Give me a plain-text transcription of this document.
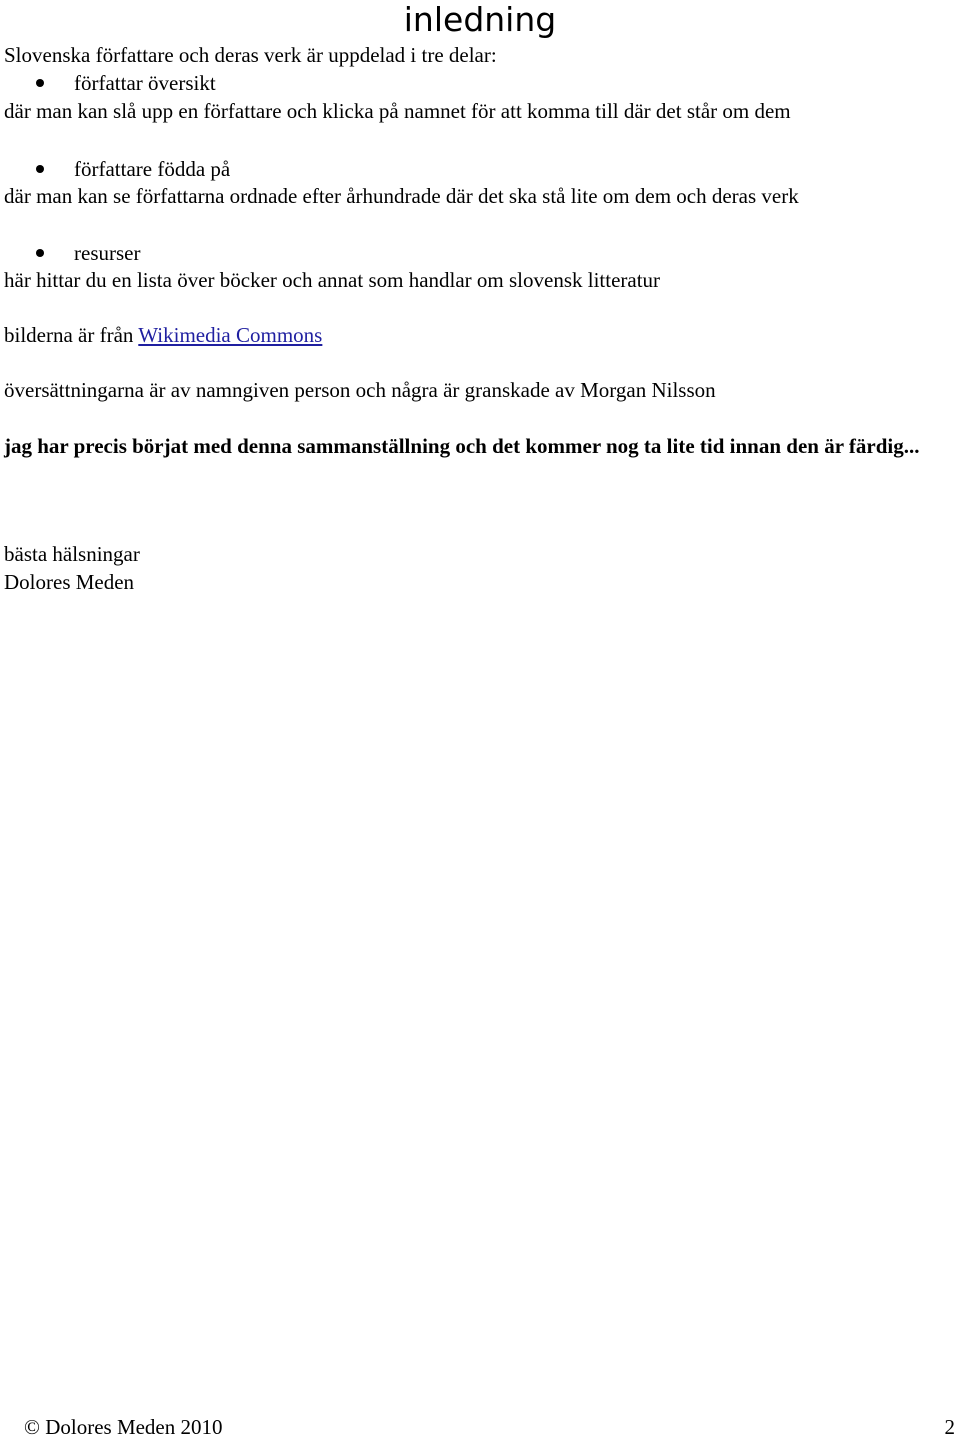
inledning
Slovenska författare och deras verk är uppdelad i tre delar:
författar översikt
där man kan slå upp en författare och klicka på namnet för att komma till där det står om dem
författare födda på
där man kan se författarna ordnade efter århundrade där det ska stå lite om dem och deras verk
resurser
här hittar du en lista över böcker och annat som handlar om slovensk litteratur
bilderna är från Wikimedia Commons
översättningarna är av namngiven person och några är granskade av Morgan Nilsson
jag har precis börjat med denna sammanställning och det kommer nog ta lite tid innan den är färdig...
bästa hälsningar
Dolores Meden
© Dolores Meden 2010	2
